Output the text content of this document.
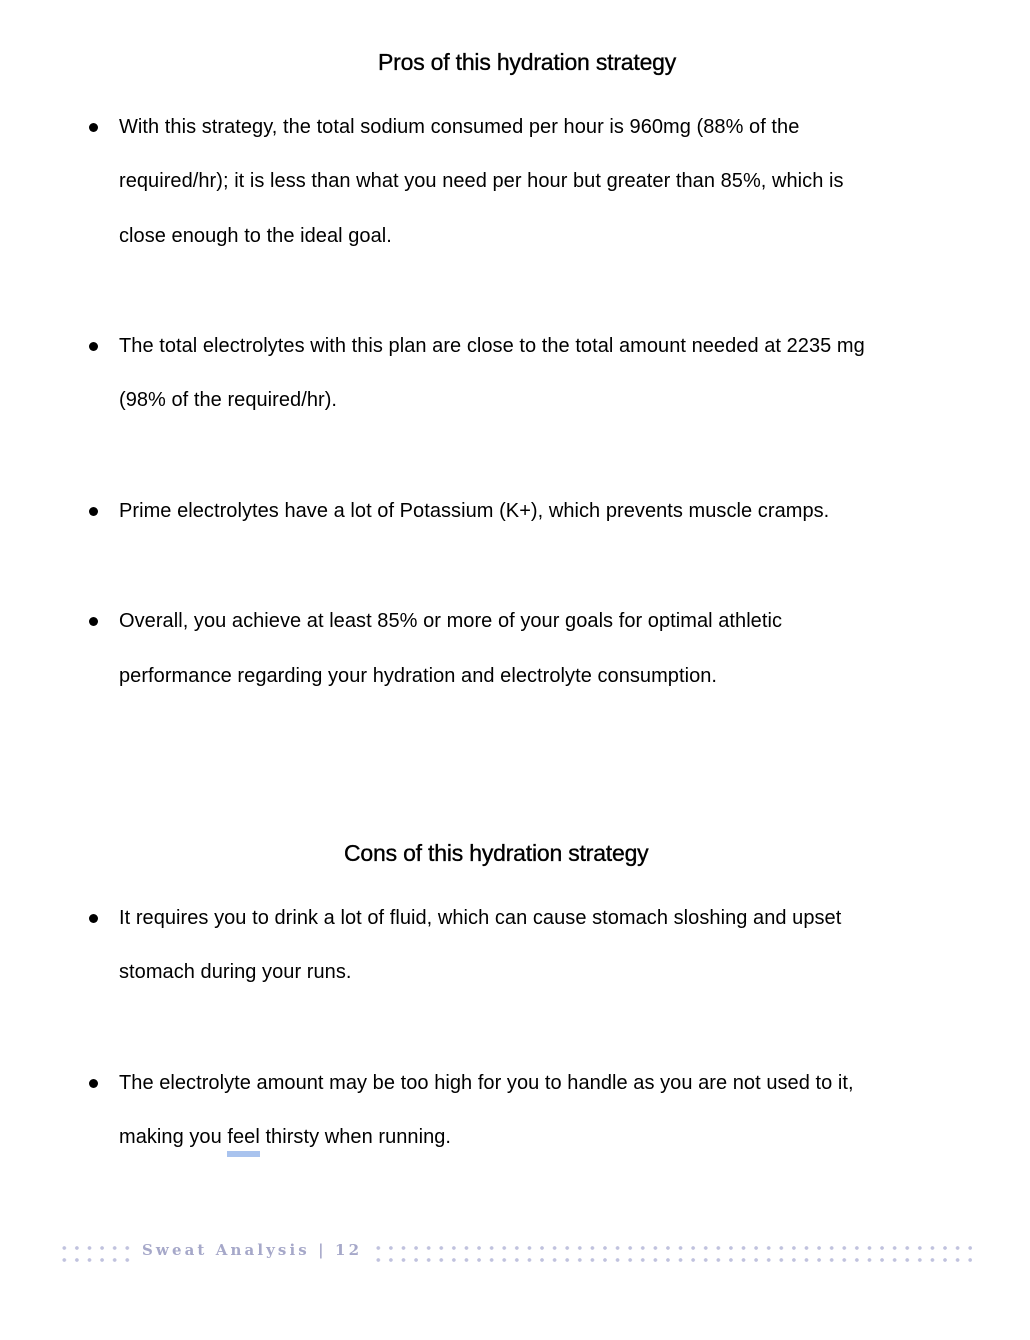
Pros of this hydration strategy
With this strategy, the total sodium consumed per hour is 960mg (88% of the
required/hr); it is less than what you need per hour but greater than 85%, which is
close enough to the ideal goal.
The total electrolytes with this plan are close to the total amount needed at 2235 mg
(98% of the required/hr).
Prime electrolytes have a lot of Potassium (K+), which prevents muscle cramps.
Overall, you achieve at least 85% or more of your goals for optimal athletic
performance regarding your hydration and electrolyte consumption.
Cons of this hydration strategy
It requires you to drink a lot of fluid, which can cause stomach sloshing and upset
stomach during your runs.
The electrolyte amount may be too high for you to handle as you are not used to it,
making you feel thirsty when running.
Sweat Analysis | 12
